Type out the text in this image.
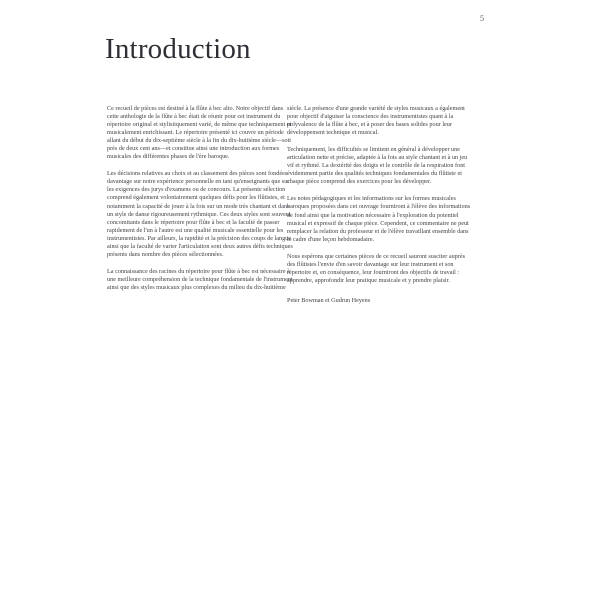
5
Introduction

Ce recueil de pièces est destiné à la flûte à bec alto. Notre objectif dans cette anthologie de la flûte à bec était de réunir pour cet instrument du répertoire original et stylistiquement varié, de même que techniquement et musicalement enrichissant. Le répertoire présenté ici couvre un période allant du début du dix-septième siècle à la fin du dix-huitième siècle—soit près de deux cent ans—et constitue ainsi une introduction aux formes musicales des différentes phases de l'ère baroque.

Les décisions relatives au choix et au classement des pièces sont fondées davantage sur notre expérience personnelle en tant qu'enseignants que sur les exigences des jurys d'examens ou de concours. La présente sélection comprend également volontairement quelques défis pour les flûtistes, et notamment la capacité de jouer à la fois sur un mode très chantant et dans un style de danse rigoureusement rythmique. Ces deux styles sont souvent concomitants dans le répertoire pour flûte à bec et la faculté de passer rapidement de l'un à l'autre est une qualité musicale essentielle pour les instrumentistes. Par ailleurs, la rapidité et la précision des coups de langue ainsi que la faculté de varier l'articulation sont deux autres défis techniques présents dans nombre des pièces sélectionnées.

La connaissance des racines du répertoire pour flûte à bec est nécessaire à une meilleure compréhension de la technique fondamentale de l'instrument ainsi que des styles musicaux plus complexes du milieu du dix-huitième

siècle. La présence d'une grande variété de styles musicaux a également pour objectif d'aiguiser la conscience des instrumentistes quant à la polyvalence de la flûte à bec, et à poser des bases solides pour leur développement technique et musical.

Techniquement, les difficultés se limitent en général à développer une articulation nette et précise, adaptée à la fois au style chantant et à un jeu vif et rythmé. La dextérité des doigts et le contrôle de la respiration font évidemment partie des qualités techniques fondamentales du flûtiste et chaque pièce comprend des exercices pour les développer.

Les notes pédagogiques et les informations sur les formes musicales baroques proposées dans cet ouvrage fourniront à l'élève des informations de fond ainsi que la motivation nécessaire à l'exploration du potentiel musical et expressif de chaque pièce. Cependent, ce commentaire ne peut remplacer la relation du professeur et de l'élève travaillant ensemble dans le cadre d'une leçon hebdomadaire.

Nous espérons que certaines pièces de ce recueil sauront susciter auprès des flûtistes l'envie d'en savoir davantage sur leur instrument et son répertoire et, en conséquence, leur fourniront des objectifs de travail : apprendre, approfondir leur pratique musicale et y prendre plaisir.

Peter Bowman et Gudrun Heyens
